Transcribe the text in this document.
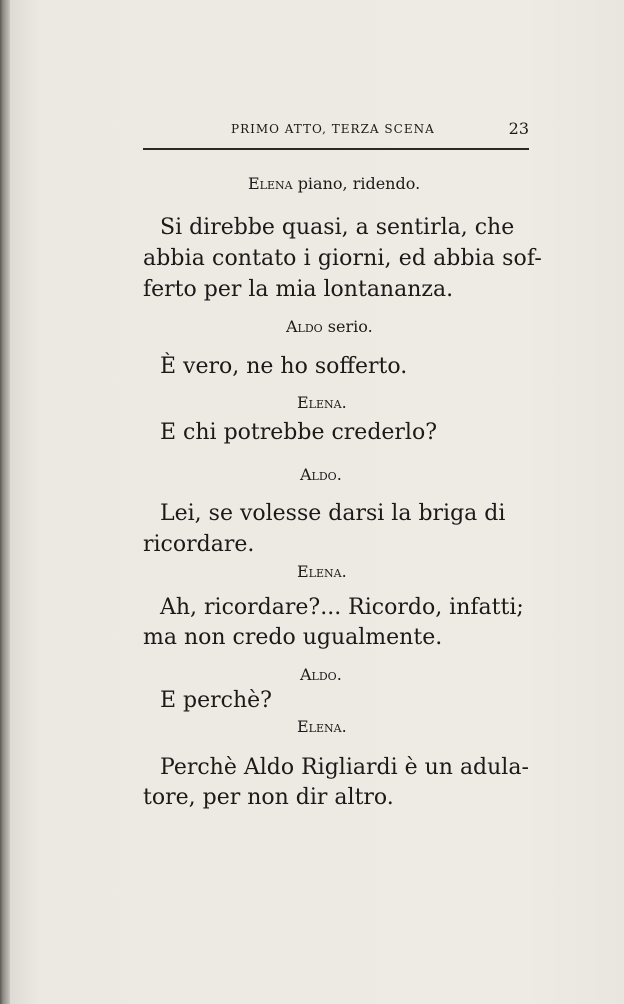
PRIMO ATTO, TERZA SCENA	23
Elena piano, ridendo.
Si direbbe quasi, a sentirla, che
abbia contato i giorni, ed abbia sof-
ferto per la mia lontananza.
Aldo serio.
È vero, ne ho sofferto.
Elena.
E chi potrebbe crederlo?
Aldo.
Lei, se volesse darsi la briga di
ricordare.
Elena.
Ah, ricordare?... Ricordo, infatti;
ma non credo ugualmente.
Aldo.
E perchè?
Elena.
Perchè Aldo Rigliardi è un adula-
tore, per non dir altro.
